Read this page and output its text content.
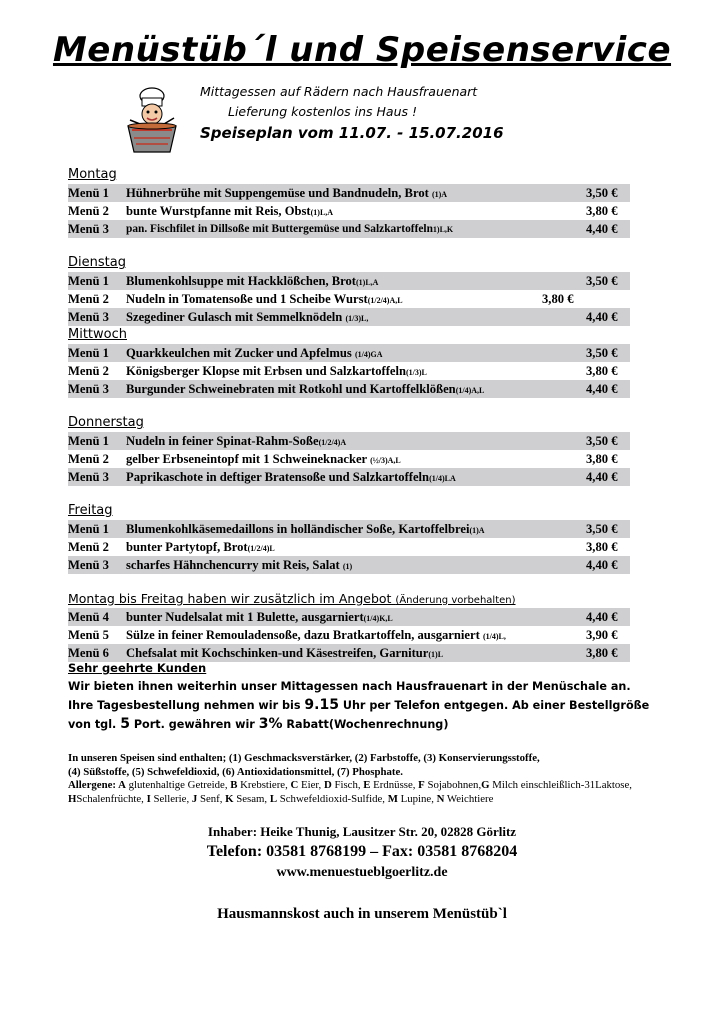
Menüstüb´l und Speisenservice
Mittagessen auf Rädern nach Hausfrauenart
Lieferung kostenlos ins Haus !
Speiseplan vom 11.07. - 15.07.2016
Montag
Menü 1 Hühnerbrühe mit Suppengemüse und Bandnudeln, Brot (1)A	3,50 €
Menü 2 bunte Wurstpfanne mit Reis, Obst(1)L,A	3,80 €
Menü 3 pan. Fischfilet in Dillsoße mit Buttergemüse und Salzkartoffeln1)L,K	4,40 €
Dienstag
Menü 1 Blumenkohlsuppe mit Hackklößchen, Brot(1)L,A	3,50 €
Menü 2 Nudeln in Tomatensoße und 1 Scheibe Wurst(1/2/4)A,L	3,80 €
Menü 3 Szegediner Gulasch mit Semmelknödeln (1/3)L,	4,40 €
Mittwoch
Menü 1 Quarkkeulchen mit Zucker und Apfelmus (1/4)GA	3,50 €
Menü 2 Königsberger Klopse mit Erbsen und Salzkartoffeln(1/3)L	3,80 €
Menü 3 Burgunder Schweinebraten mit Rotkohl und Kartoffelklößen(1/4)A,L	4,40 €
Donnerstag
Menü 1 Nudeln in feiner Spinat-Rahm-Soße(1/2/4)A	3,50 €
Menü 2 gelber Erbseneintopf mit 1 Schweineknacker (½/3)A,L	3,80 €
Menü 3 Paprikaschote in deftiger Bratensoße und Salzkartoffeln(1/4)LA	4,40 €
Freitag
Menü 1 Blumenkohlkäsemedaillons in holländischer Soße, Kartoffelbrei(1)A	3,50 €
Menü 2 bunter Partytopf, Brot(1/2/4)L	3,80 €
Menü 3 scharfes Hähnchencurry mit Reis, Salat (1)	4,40 €
Montag bis Freitag haben wir zusätzlich im Angebot (Änderung vorbehalten)
Menü 4 bunter Nudelsalat mit 1 Bulette, ausgarniert(1/4)K,L	4,40 €
Menü 5 Sülze in feiner Remouladensoße, dazu Bratkartoffeln, ausgarniert (1/4)L,	3,90 €
Menü 6 Chefsalat mit Kochschinken-und Käsestreifen, Garnitur(1)L	3,80 €
Sehr geehrte Kunden
Wir bieten ihnen weiterhin unser Mittagessen nach Hausfrauenart in der Menüschale an.
Ihre Tagesbestellung nehmen wir bis 9.15 Uhr per Telefon entgegen. Ab einer Bestellgröße
von tgl. 5 Port. gewähren wir 3% Rabatt(Wochenrechnung)
In unseren Speisen sind enthalten; (1) Geschmacksverstärker, (2) Farbstoffe, (3) Konservierungsstoffe,
(4) Süßstoffe, (5) Schwefeldioxid, (6) Antioxidationsmittel, (7) Phosphate.
Allergene: A glutenhaltige Getreide, B Krebstiere, C Eier, D Fisch, E Erdnüsse, F Sojabohnen,G Milch einschleißlich-31Laktose, HSchalenfrüchte, I Sellerie, J Senf, K Sesam, L Schwefeldioxid-Sulfide, M Lupine, N Weichtiere
Inhaber: Heike Thunig, Lausitzer Str. 20, 02828 Görlitz
Telefon: 03581 8768199 – Fax: 03581 8768204
www.menuestueblgoerlitz.de
Hausmannskost auch in unserem Menüstüb`l
